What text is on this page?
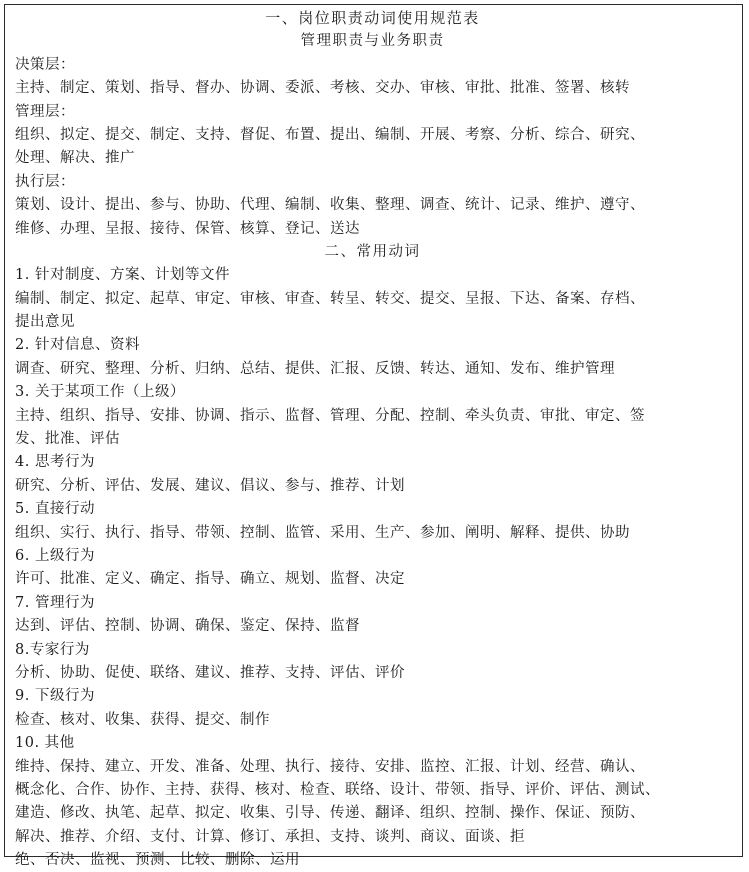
一、岗位职责动词使用规范表
管理职责与业务职责
决策层：
主持、制定、策划、指导、督办、协调、委派、考核、交办、审核、审批、批准、签署、核转
管理层：
组织、拟定、提交、制定、支持、督促、布置、提出、编制、开展、考察、分析、综合、研究、
处理、解决、推广
执行层：
策划、设计、提出、参与、协助、代理、编制、收集、整理、调查、统计、记录、维护、遵守、
维修、办理、呈报、接待、保管、核算、登记、送达
二、常用动词
1. 针对制度、方案、计划等文件
编制、制定、拟定、起草、审定、审核、审查、转呈、转交、提交、呈报、下达、备案、存档、
提出意见
2. 针对信息、资料
调查、研究、整理、分析、归纳、总结、提供、汇报、反馈、转达、通知、发布、维护管理
3. 关于某项工作（上级）
主持、组织、指导、安排、协调、指示、监督、管理、分配、控制、牵头负责、审批、审定、签
发、批准、评估
4. 思考行为
研究、分析、评估、发展、建议、倡议、参与、推荐、计划
5. 直接行动
组织、实行、执行、指导、带领、控制、监管、采用、生产、参加、阐明、解释、提供、协助
6. 上级行为
许可、批准、定义、确定、指导、确立、规划、监督、决定
7. 管理行为
达到、评估、控制、协调、确保、鉴定、保持、监督
8.专家行为
分析、协助、促使、联络、建议、推荐、支持、评估、评价
9. 下级行为
检查、核对、收集、获得、提交、制作
10. 其他
维持、保持、建立、开发、准备、处理、执行、接待、安排、监控、汇报、计划、经营、确认、
概念化、合作、协作、主持、获得、核对、检查、联络、设计、带领、指导、评价、评估、测试、
建造、修改、执笔、起草、拟定、收集、引导、传递、翻译、组织、控制、操作、保证、预防、
解决、推荐、介绍、支付、计算、修订、承担、支持、谈判、商议、面谈、拒
绝、否决、监视、预测、比较、删除、运用
